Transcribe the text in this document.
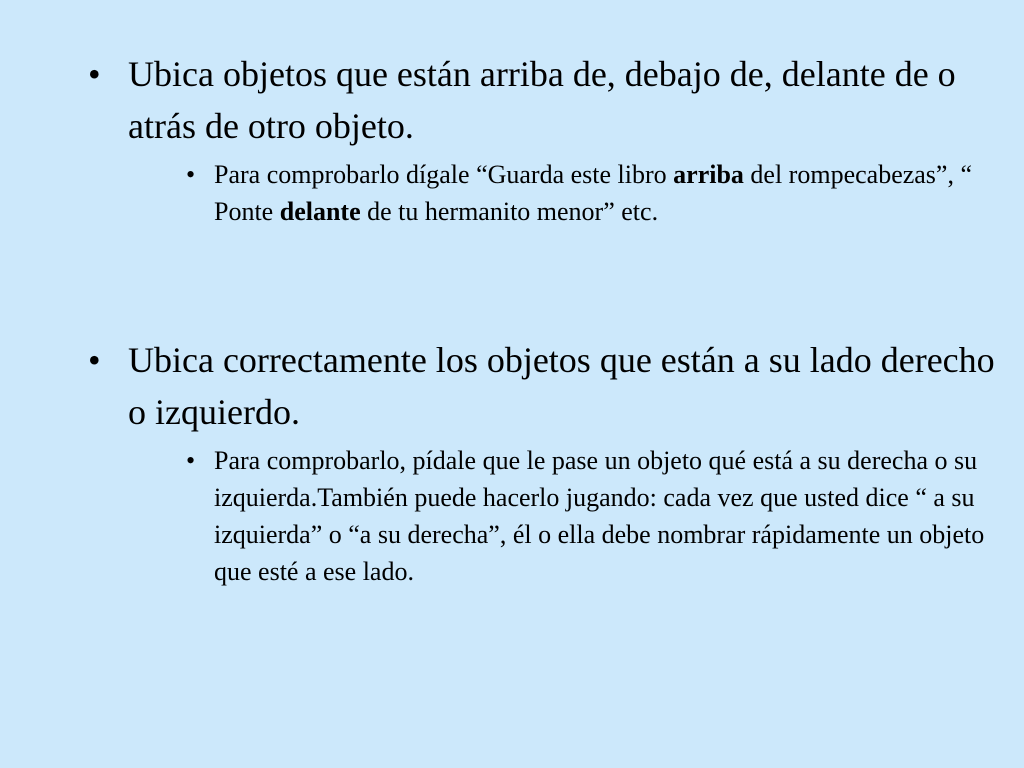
• Ubica objetos que están arriba de, debajo de, delante de o atrás de otro objeto.
• Para comprobarlo dígale “Guarda este libro arriba del rompecabezas”, “ Ponte delante de tu hermanito menor” etc.
• Ubica correctamente los objetos que están a su lado derecho o izquierdo.
• Para comprobarlo, pídale que le pase un objeto qué está a su derecha o su izquierda.También puede hacerlo jugando: cada vez que usted dice “ a su izquierda” o “a su derecha”, él o ella debe nombrar rápidamente un objeto que esté a ese lado.
